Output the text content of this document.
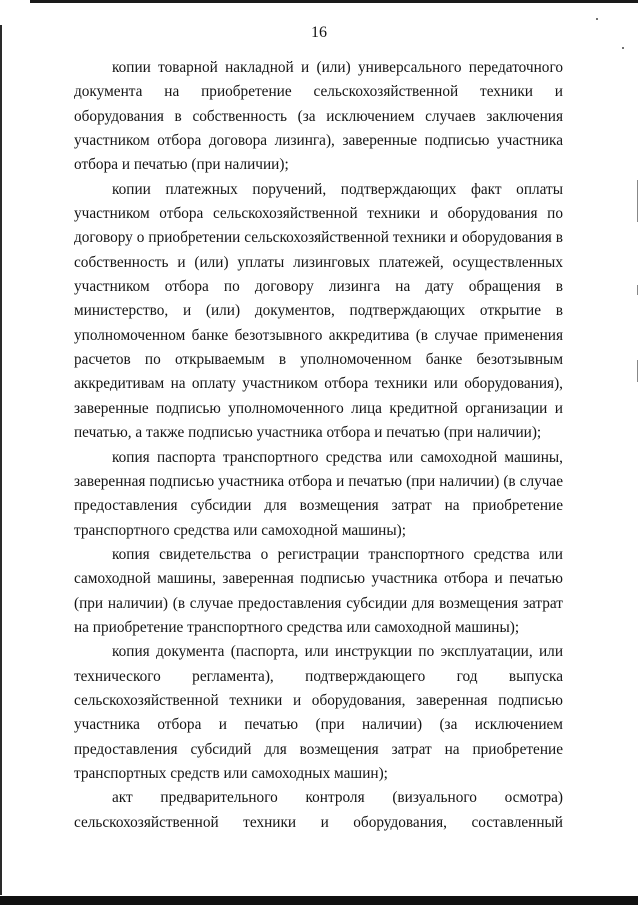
16

копии товарной накладной и (или) универсального передаточного документа на приобретение сельскохозяйственной техники и оборудования в собственность (за исключением случаев заключения участником отбора договора лизинга), заверенные подписью участника отбора и печатью (при наличии);

копии платежных поручений, подтверждающих факт оплаты участником отбора сельскохозяйственной техники и оборудования по договору о приобретении сельскохозяйственной техники и оборудования в собственность и (или) уплаты лизинговых платежей, осуществленных участником отбора по договору лизинга на дату обращения в министерство, и (или) документов, подтверждающих открытие в уполномоченном банке безотзывного аккредитива (в случае применения расчетов по открываемым в уполномоченном банке безотзывным аккредитивам на оплату участником отбора техники или оборудования), заверенные подписью уполномоченного лица кредитной организации и печатью, а также подписью участника отбора и печатью (при наличии);

копия паспорта транспортного средства или самоходной машины, заверенная подписью участника отбора и печатью (при наличии) (в случае предоставления субсидии для возмещения затрат на приобретение транспортного средства или самоходной машины);

копия свидетельства о регистрации транспортного средства или самоходной машины, заверенная подписью участника отбора и печатью (при наличии) (в случае предоставления субсидии для возмещения затрат на приобретение транспортного средства или самоходной машины);

копия документа (паспорта, или инструкции по эксплуатации, или технического регламента), подтверждающего год выпуска сельскохозяйственной техники и оборудования, заверенная подписью участника отбора и печатью (при наличии) (за исключением предоставления субсидий для возмещения затрат на приобретение транспортных средств или самоходных машин);

акт предварительного контроля (визуального осмотра) сельскохозяйственной техники и оборудования, составленный
